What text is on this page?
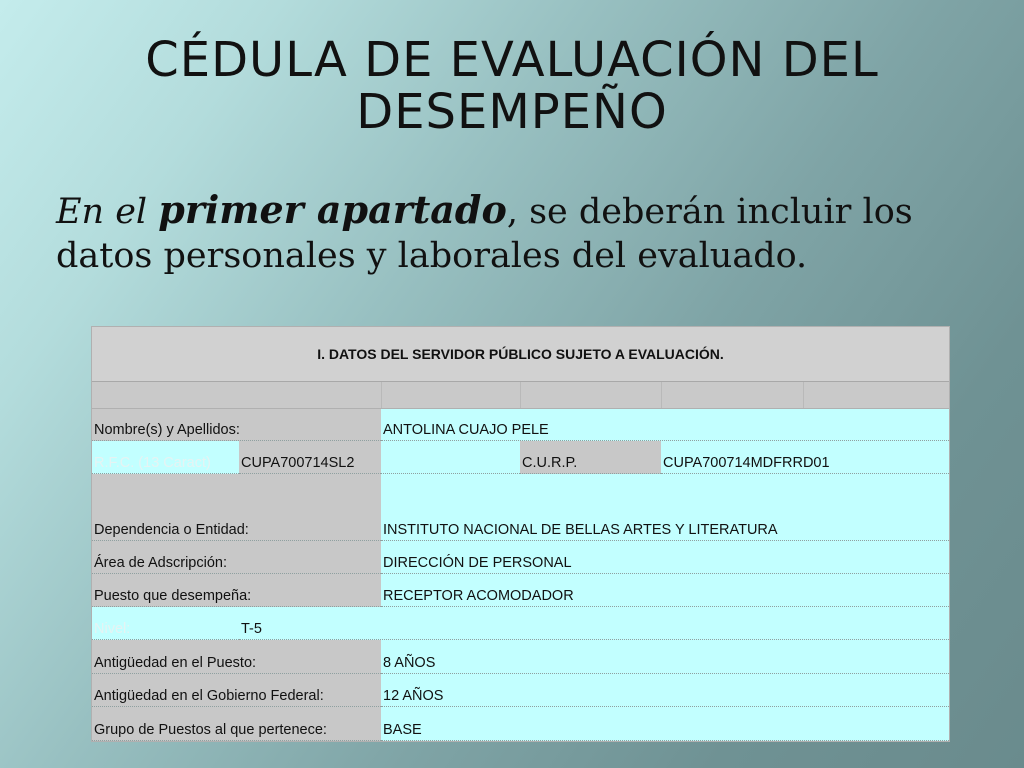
CÉDULA DE EVALUACIÓN DEL
DESEMPEÑO
En el primer apartado, se deberán incluir los datos personales y laborales del evaluado.
I. DATOS DEL SERVIDOR PÚBLICO SUJETO A EVALUACIÓN.
Nombre(s) y Apellidos:	ANTOLINA CUAJO PELE
R.F.C. (13 Caract)	CUPA700714SL2	C.U.R.P.	CUPA700714MDFRRD01
Dependencia o Entidad:	INSTITUTO NACIONAL DE BELLAS ARTES Y LITERATURA
Área de Adscripción:	DIRECCIÓN DE PERSONAL
Puesto que desempeña:	RECEPTOR ACOMODADOR
Nivel:	T-5
Antigüedad en el Puesto:	8 AÑOS
Antigüedad en el Gobierno Federal:	12 AÑOS
Grupo de Puestos al que pertenece:	BASE
